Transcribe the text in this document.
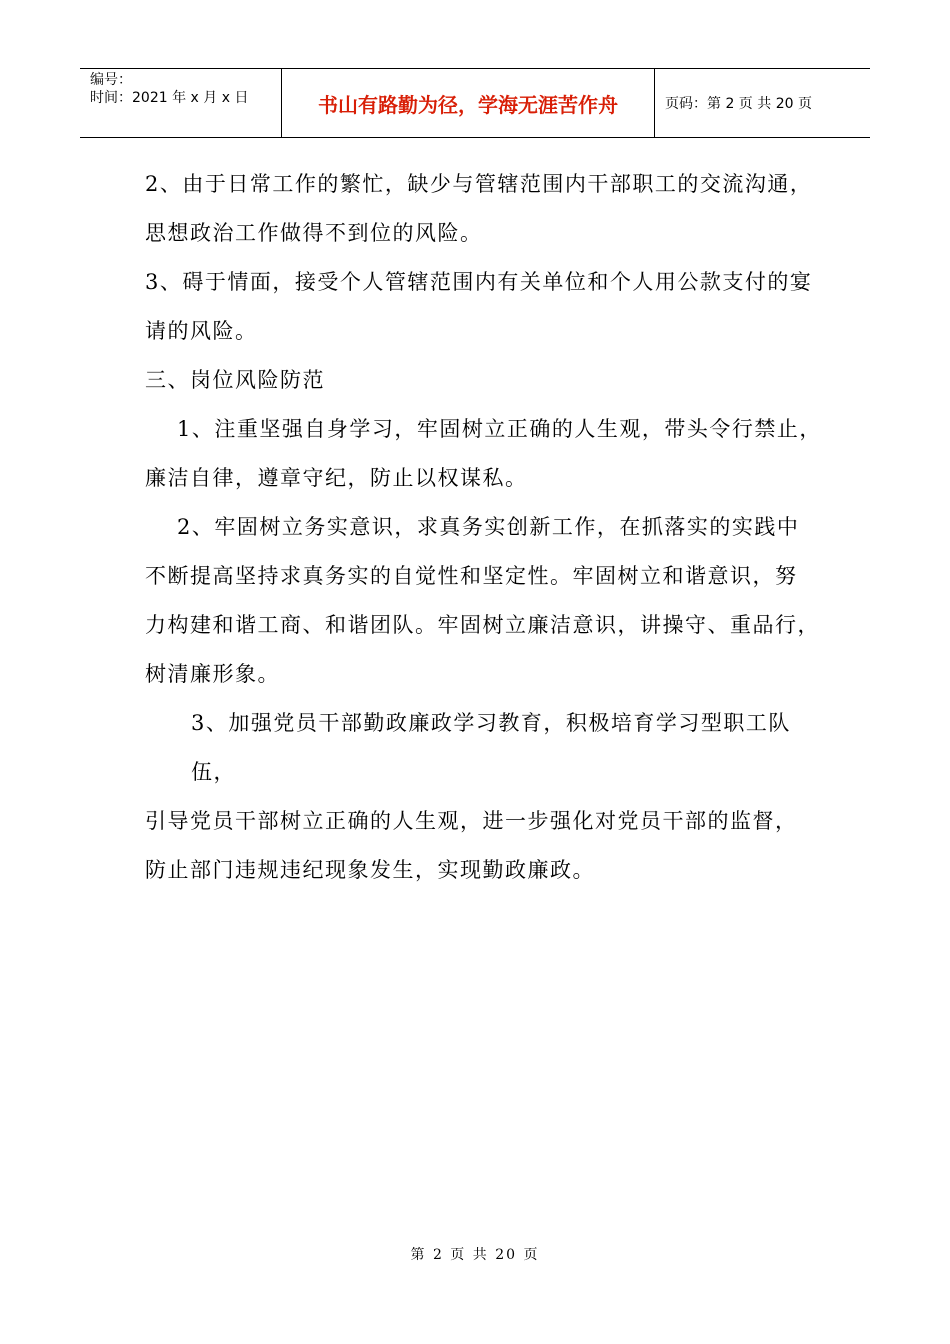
编号：
时间：2021 年 x 月 x 日	书山有路勤为径，学海无涯苦作舟	页码：第 2 页 共 20 页

2、由于日常工作的繁忙，缺少与管辖范围内干部职工的交流沟通，

思想政治工作做得不到位的风险。

3、碍于情面，接受个人管辖范围内有关单位和个人用公款支付的宴

请的风险。

三、岗位风险防范

1、注重坚强自身学习，牢固树立正确的人生观，带头令行禁止，

廉洁自律，遵章守纪，防止以权谋私。

2、牢固树立务实意识，求真务实创新工作，在抓落实的实践中

不断提高坚持求真务实的自觉性和坚定性。牢固树立和谐意识，努

力构建和谐工商、和谐团队。牢固树立廉洁意识，讲操守、重品行，

树清廉形象。

3、加强党员干部勤政廉政学习教育，积极培育学习型职工队伍，

引导党员干部树立正确的人生观，进一步强化对党员干部的监督，

防止部门违规违纪现象发生，实现勤政廉政。

第 2 页 共 20 页
